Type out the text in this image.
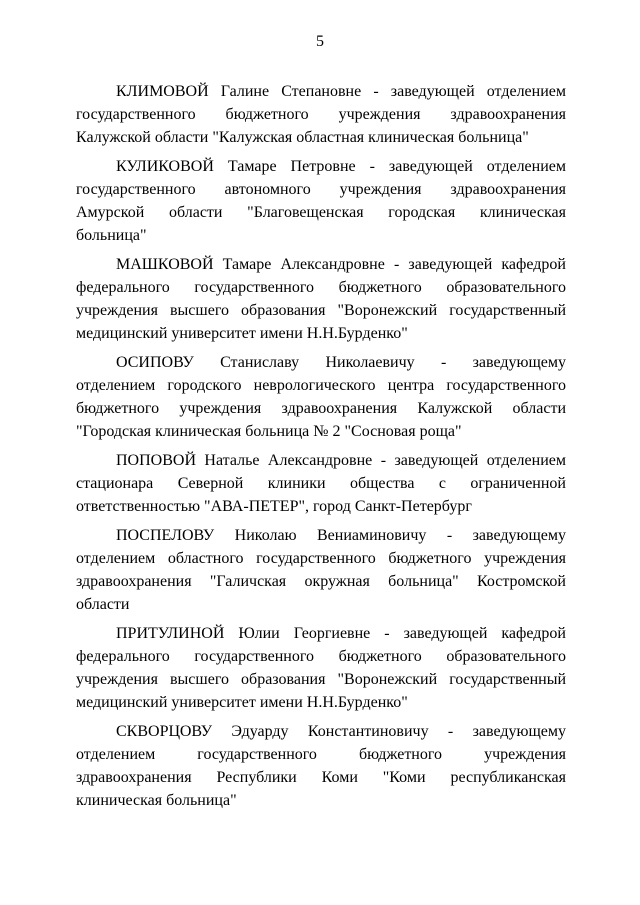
5
КЛИМОВОЙ Галине Степановне - заведующей отделением
государственного бюджетного учреждения здравоохранения
Калужской области "Калужская областная клиническая больница"
КУЛИКОВОЙ Тамаре Петровне - заведующей отделением
государственного автономного учреждения здравоохранения
Амурской области "Благовещенская городская клиническая
больница"
МАШКОВОЙ Тамаре Александровне - заведующей кафедрой
федерального государственного бюджетного образовательного
учреждения высшего образования "Воронежский государственный
медицинский университет имени Н.Н.Бурденко"
ОСИПОВУ Станиславу Николаевичу - заведующему
отделением городского неврологического центра государственного
бюджетного учреждения здравоохранения Калужской области
"Городская клиническая больница № 2 "Сосновая роща"
ПОПОВОЙ Наталье Александровне - заведующей отделением
стационара Северной клиники общества с ограниченной
ответственностью "АВА-ПЕТЕР", город Санкт-Петербург
ПОСПЕЛОВУ Николаю Вениаминовичу - заведующему
отделением областного государственного бюджетного учреждения
здравоохранения "Галичская окружная больница" Костромской
области
ПРИТУЛИНОЙ Юлии Георгиевне - заведующей кафедрой
федерального государственного бюджетного образовательного
учреждения высшего образования "Воронежский государственный
медицинский университет имени Н.Н.Бурденко"
СКВОРЦОВУ Эдуарду Константиновичу - заведующему
отделением государственного бюджетного учреждения
здравоохранения Республики Коми "Коми республиканская
клиническая больница"
